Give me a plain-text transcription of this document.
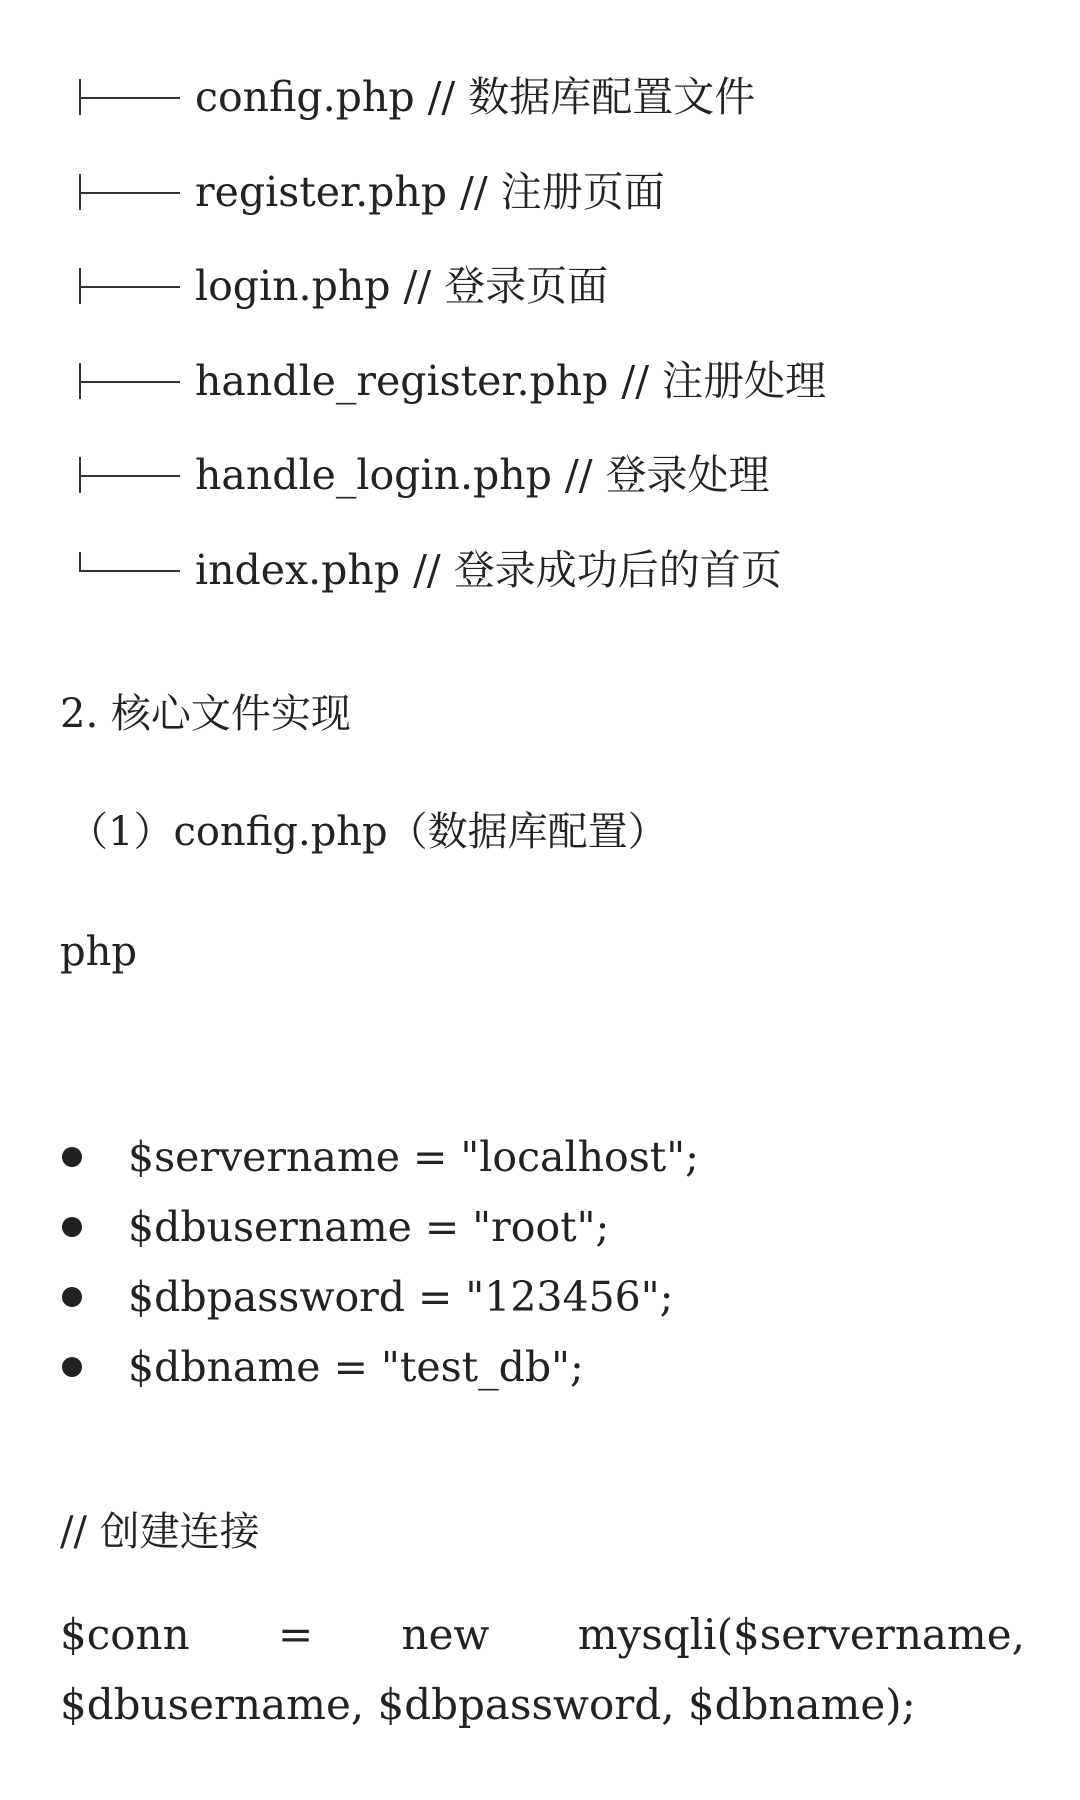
config.php // 数据库配置文件
register.php // 注册页面
login.php // 登录页面
handle_register.php // 注册处理
handle_login.php // 登录处理
index.php // 登录成功后的首页
2. 核心文件实现
（1）config.php（数据库配置）
php
$servername = "localhost";
$dbusername = "root";
$dbpassword = "123456";
$dbname = "test_db";
// 创建连接
$conn = new mysqli($servername,
$dbusername, $dbpassword, $dbname);
